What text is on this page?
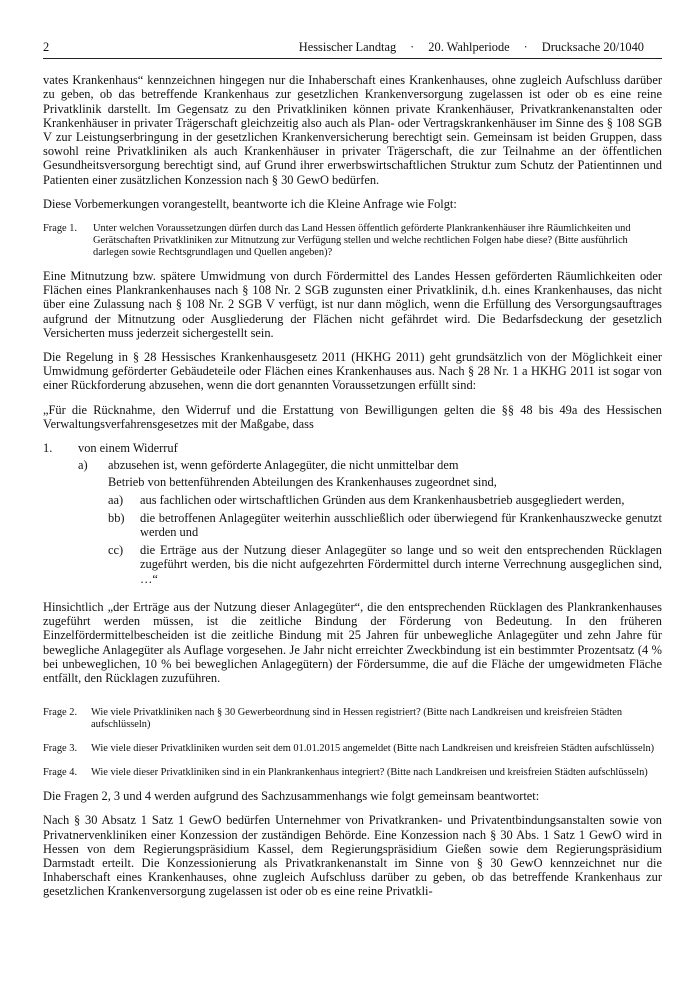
2	Hessischer Landtag · 20. Wahlperiode · Drucksache 20/1040

vates Krankenhaus“ kennzeichnen hingegen nur die Inhaberschaft eines Krankenhauses, ohne zugleich Aufschluss darüber zu geben, ob das betreffende Krankenhaus zur gesetzlichen Krankenversorgung zugelassen ist oder ob es eine reine Privatklinik darstellt. Im Gegensatz zu den Privatkliniken können private Krankenhäuser, Privatkrankenanstalten oder Krankenhäuser in privater Trägerschaft gleichzeitig also auch als Plan- oder Vertragskrankenhäuser im Sinne des § 108 SGB V zur Leistungserbringung in der gesetzlichen Krankenversicherung berechtigt sein. Gemeinsam ist beiden Gruppen, dass sowohl reine Privatkliniken als auch Krankenhäuser in privater Trägerschaft, die zur Teilnahme an der öffentlichen Gesundheitsversorgung berechtigt sind, auf Grund ihrer erwerbswirtschaftlichen Struktur zum Schutz der Patientinnen und Patienten einer zusätzlichen Konzession nach § 30 GewO bedürfen.

Diese Vorbemerkungen vorangestellt, beantworte ich die Kleine Anfrage wie Folgt:

Frage 1.	Unter welchen Voraussetzungen dürfen durch das Land Hessen öffentlich geförderte Plankrankenhäuser ihre Räumlichkeiten und Gerätschaften Privatkliniken zur Mitnutzung zur Verfügung stellen und welche rechtlichen Folgen habe diese? (Bitte ausführlich darlegen sowie Rechtsgrundlagen und Quellen angeben)?

Eine Mitnutzung bzw. spätere Umwidmung von durch Fördermittel des Landes Hessen geförderten Räumlichkeiten oder Flächen eines Plankrankenhauses nach § 108 Nr. 2 SGB zugunsten einer Privatklinik, d.h. eines Krankenhauses, das nicht über eine Zulassung nach § 108 Nr. 2 SGB V verfügt, ist nur dann möglich, wenn die Erfüllung des Versorgungsauftrages aufgrund der Mitnutzung oder Ausgliederung der Flächen nicht gefährdet wird. Die Bedarfsdeckung der gesetzlich Versicherten muss jederzeit sichergestellt sein.

Die Regelung in § 28 Hessisches Krankenhausgesetz 2011 (HKHG 2011) geht grundsätzlich von der Möglichkeit einer Umwidmung geförderter Gebäudeteile oder Flächen eines Krankenhauses aus. Nach § 28 Nr. 1 a HKHG 2011 ist sogar von einer Rückforderung abzusehen, wenn die dort genannten Voraussetzungen erfüllt sind:

„Für die Rücknahme, den Widerruf und die Erstattung von Bewilligungen gelten die §§ 48 bis 49a des Hessischen Verwaltungsverfahrensgesetzes mit der Maßgabe, dass

1.	von einem Widerruf
a)	abzusehen ist, wenn geförderte Anlagegüter, die nicht unmittelbar dem
Betrieb von bettenführenden Abteilungen des Krankenhauses zugeordnet sind,
aa)	aus fachlichen oder wirtschaftlichen Gründen aus dem Krankenhausbetrieb ausgegliedert werden,
bb)	die betroffenen Anlagegüter weiterhin ausschließlich oder überwiegend für Krankenhauszwecke genutzt werden und
cc)	die Erträge aus der Nutzung dieser Anlagegüter so lange und so weit den entsprechenden Rücklagen zugeführt werden, bis die nicht aufgezehrten Fördermittel durch interne Verrechnung ausgeglichen sind, …“

Hinsichtlich „der Erträge aus der Nutzung dieser Anlagegüter“, die den entsprechenden Rücklagen des Plankrankenhauses zugeführt werden müssen, ist die zeitliche Bindung der Förderung von Bedeutung. In den früheren Einzelfördermittelbescheiden ist die zeitliche Bindung mit 25 Jahren für unbewegliche Anlagegüter und zehn Jahre für bewegliche Anlagegüter als Auflage vorgesehen. Je Jahr nicht erreichter Zweckbindung ist ein bestimmter Prozentsatz (4 % bei unbeweglichen, 10 % bei beweglichen Anlagegütern) der Fördersumme, die auf die Fläche der umgewidmeten Fläche entfällt, den Rücklagen zuzuführen.

Frage 2.	Wie viele Privatkliniken nach § 30 Gewerbeordnung sind in Hessen registriert? (Bitte nach Landkreisen und kreisfreien Städten aufschlüsseln)
Frage 3.	Wie viele dieser Privatkliniken wurden seit dem 01.01.2015 angemeldet (Bitte nach Landkreisen und kreisfreien Städten aufschlüsseln)
Frage 4.	Wie viele dieser Privatkliniken sind in ein Plankrankenhaus integriert? (Bitte nach Landkreisen und kreisfreien Städten aufschlüsseln)

Die Fragen 2, 3 und 4 werden aufgrund des Sachzusammenhangs wie folgt gemeinsam beantwortet:

Nach § 30 Absatz 1 Satz 1 GewO bedürfen Unternehmer von Privatkranken- und Privatentbindungsanstalten sowie von Privatnervenkliniken einer Konzession der zuständigen Behörde. Eine Konzession nach § 30 Abs. 1 Satz 1 GewO wird in Hessen von dem Regierungspräsidium Kassel, dem Regierungspräsidium Gießen sowie dem Regierungspräsidium Darmstadt erteilt. Die Konzessionierung als Privatkrankenanstalt im Sinne von § 30 GewO kennzeichnet nur die Inhaberschaft eines Krankenhauses, ohne zugleich Aufschluss darüber zu geben, ob das betreffende Krankenhaus zur gesetzlichen Krankenversorgung zugelassen ist oder ob es eine reine Privatkli-
